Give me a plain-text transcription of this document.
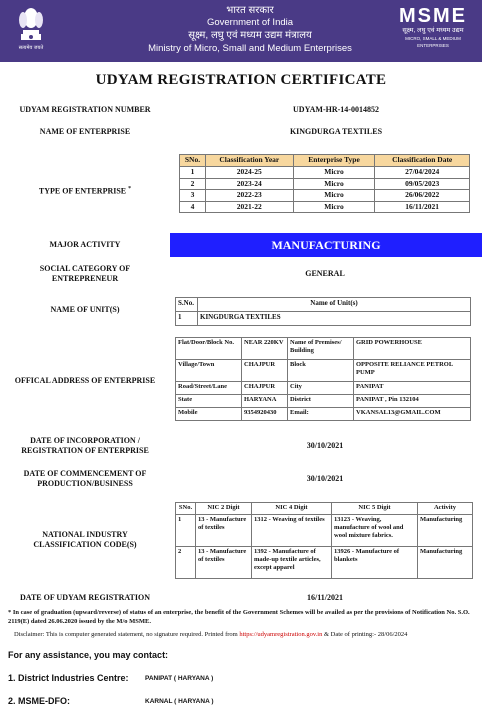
सत्यमेव जयते
भारत सरकार
Government of India
सूक्ष्म, लघु एवं मध्यम उद्यम मंत्रालय
Ministry of Micro, Small and Medium Enterprises
MSME
सूक्ष्म, लघु एवं मध्यम उद्यम
MICRO, SMALL & MEDIUM ENTERPRISES
UDYAM REGISTRATION CERTIFICATE
UDYAM REGISTRATION NUMBER	UDYAM-HR-14-0014852
NAME OF ENTERPRISE	KINGDURGA TEXTILES
TYPE OF ENTERPRISE *
SNo.	Classification Year	Enterprise Type	Classification Date
1	2024-25	Micro	27/04/2024
2	2023-24	Micro	09/05/2023
3	2022-23	Micro	26/06/2022
4	2021-22	Micro	16/11/2021
MAJOR ACTIVITY	MANUFACTURING
SOCIAL CATEGORY OF
ENTREPRENEUR
GENERAL
NAME OF UNIT(S)
S.No.	Name of Unit(s)
1	KINGDURGA TEXTILES
OFFICAL ADDRESS OF ENTERPRISE
Flat/Door/Block No.	NEAR 220KV	Name of Premises/ Building	GRID POWERHOUSE
Village/Town	CHAJPUR	Block	OPPOSITE RELIANCE PETROL PUMP
Road/Street/Lane	CHAJPUR	City	PANIPAT
State	HARYANA	District	PANIPAT , Pin 132104
Mobile	9354920430	Email:	VKANSAL13@GMAIL.COM
DATE OF INCORPORATION /
REGISTRATION OF ENTERPRISE
30/10/2021
DATE OF COMMENCEMENT OF
PRODUCTION/BUSINESS
30/10/2021
NATIONAL INDUSTRY
CLASSIFICATION CODE(S)
SNo.	NIC 2 Digit	NIC 4 Digit	NIC 5 Digit	Activity
1	13 - Manufacture of textiles	1312 - Weaving of textiles	13123 - Weaving, manufacture of wool and wool mixture fabrics.	Manufacturing
2	13 - Manufacture of textiles	1392 - Manufacture of made-up textile articles, except apparel	13926 - Manufacture of blankets	Manufacturing
DATE OF UDYAM REGISTRATION	16/11/2021
* In case of graduation (upward/reverse) of status of an enterprise, the benefit of the Government Schemes will be availed as per the provisions of Notification No. S.O. 2119(E) dated 26.06.2020 issued by the M/o MSME.
Disclaimer: This is computer generated statement, no signature required. Printed from https://udyamregistration.gov.in & Date of printing:- 28/06/2024
For any assistance, you may contact:
1. District Industries Centre:	PANIPAT ( HARYANA )
2. MSME-DFO:	KARNAL ( HARYANA )
